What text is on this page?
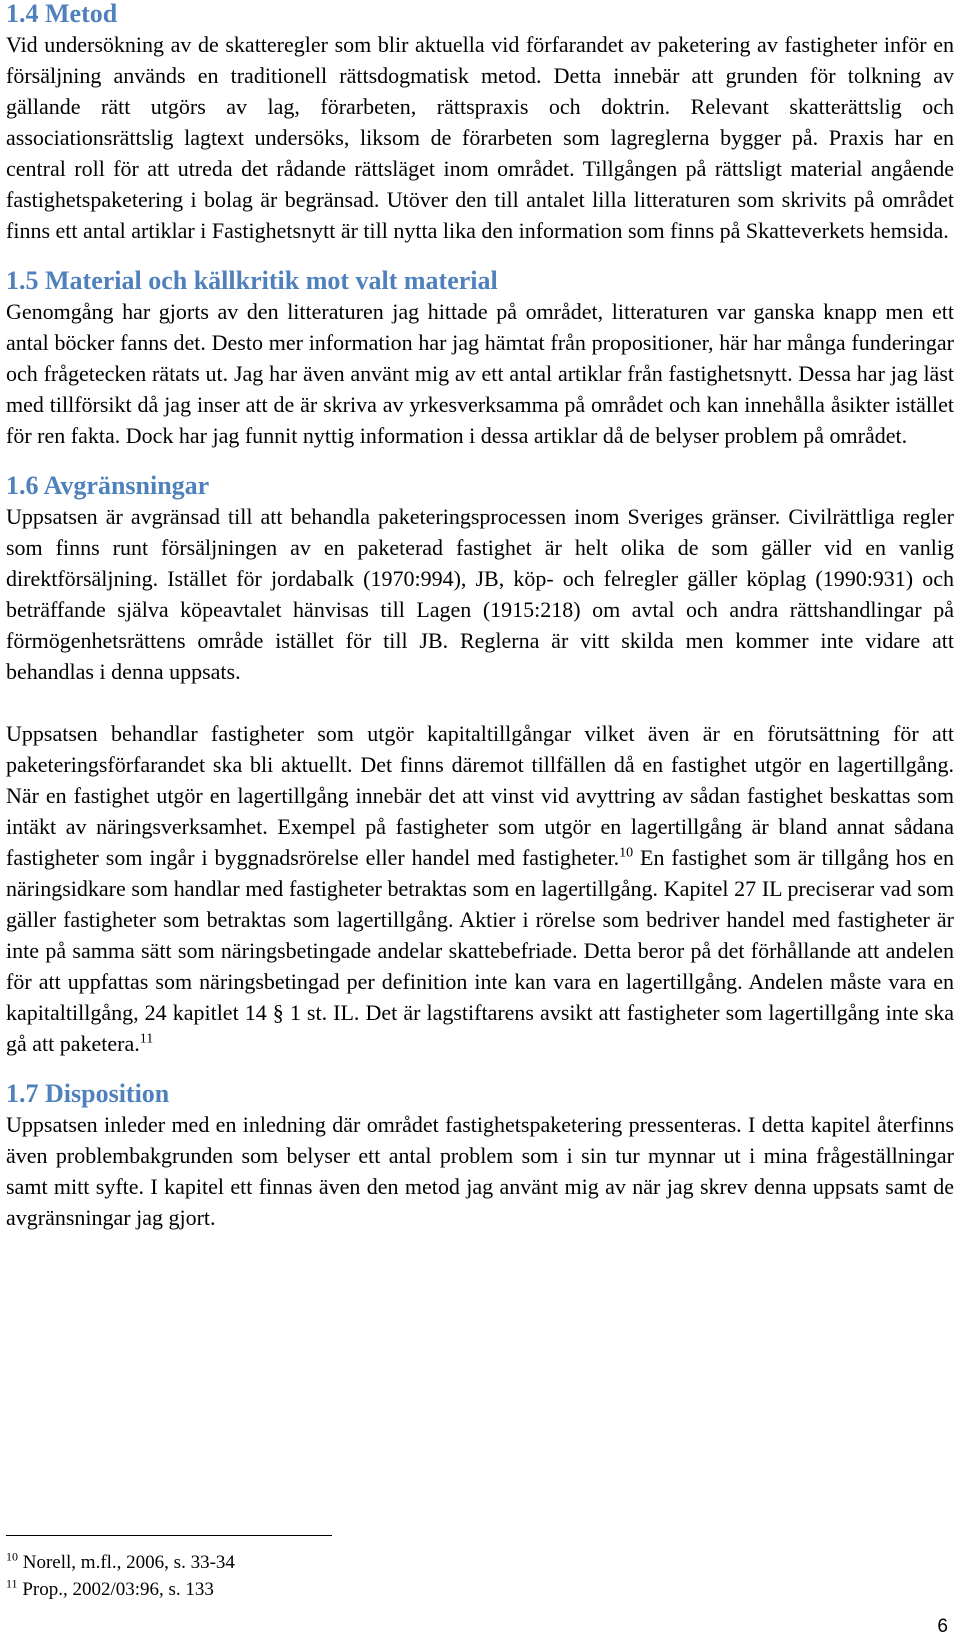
1.4 Metod

Vid undersökning av de skatteregler som blir aktuella vid förfarandet av paketering av fastigheter inför en försäljning används en traditionell rättsdogmatisk metod. Detta innebär att grunden för tolkning av gällande rätt utgörs av lag, förarbeten, rättspraxis och doktrin. Relevant skatterättslig och associationsrättslig lagtext undersöks, liksom de förarbeten som lagreglerna bygger på. Praxis har en central roll för att utreda det rådande rättsläget inom området. Tillgången på rättsligt material angående fastighetspaketering i bolag är begränsad. Utöver den till antalet lilla litteraturen som skrivits på området finns ett antal artiklar i Fastighetsnytt är till nytta lika den information som finns på Skatteverkets hemsida.

1.5 Material och källkritik mot valt material

Genomgång har gjorts av den litteraturen jag hittade på området, litteraturen var ganska knapp men ett antal böcker fanns det. Desto mer information har jag hämtat från propositioner, här har många funderingar och frågetecken rätats ut. Jag har även använt mig av ett antal artiklar från fastighetsnytt. Dessa har jag läst med tillförsikt då jag inser att de är skriva av yrkesverksamma på området och kan innehålla åsikter istället för ren fakta. Dock har jag funnit nyttig information i dessa artiklar då de belyser problem på området.

1.6 Avgränsningar

Uppsatsen är avgränsad till att behandla paketeringsprocessen inom Sveriges gränser. Civilrättliga regler som finns runt försäljningen av en paketerad fastighet är helt olika de som gäller vid en vanlig direktförsäljning. Istället för jordabalk (1970:994), JB, köp- och felregler gäller köplag (1990:931) och beträffande själva köpeavtalet hänvisas till Lagen (1915:218) om avtal och andra rättshandlingar på förmögenhetsrättens område istället för till JB. Reglerna är vitt skilda men kommer inte vidare att behandlas i denna uppsats.

Uppsatsen behandlar fastigheter som utgör kapitaltillgångar vilket även är en förutsättning för att paketeringsförfarandet ska bli aktuellt. Det finns däremot tillfällen då en fastighet utgör en lagertillgång. När en fastighet utgör en lagertillgång innebär det att vinst vid avyttring av sådan fastighet beskattas som intäkt av näringsverksamhet. Exempel på fastigheter som utgör en lagertillgång är bland annat sådana fastigheter som ingår i byggnadsrörelse eller handel med fastigheter.$^{10}$ En fastighet som är tillgång hos en näringsidkare som handlar med fastigheter betraktas som en lagertillgång. Kapitel 27 IL preciserar vad som gäller fastigheter som betraktas som lagertillgång. Aktier i rörelse som bedriver handel med fastigheter är inte på samma sätt som näringsbetingade andelar skattebefriade. Detta beror på det förhållande att andelen för att uppfattas som näringsbetingad per definition inte kan vara en lagertillgång. Andelen måste vara en kapitaltillgång, 24 kapitlet 14 § 1 st. IL. Det är lagstiftarens avsikt att fastigheter som lagertillgång inte ska gå att paketera.$^{11}$

1.7 Disposition

Uppsatsen inleder med en inledning där området fastighetspaketering pressenteras. I detta kapitel återfinns även problembakgrunden som belyser ett antal problem som i sin tur mynnar ut i mina frågeställningar samt mitt syfte. I kapitel ett finnas även den metod jag använt mig av när jag skrev denna uppsats samt de avgränsningar jag gjort.

$^{10}$ Norell, m.fl., 2006, s. 33-34
$^{11}$ Prop., 2002/03:96, s. 133
6
